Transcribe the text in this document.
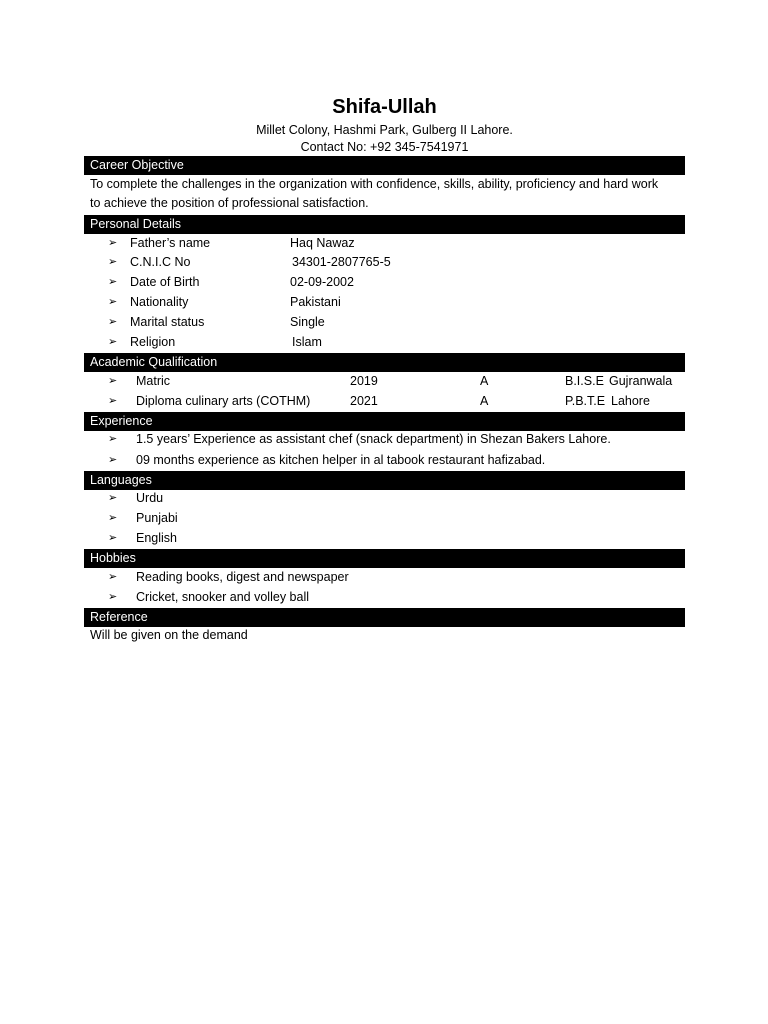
Shifa-Ullah
Millet Colony, Hashmi Park, Gulberg II Lahore.
Contact No: +92 345-7541971
Career Objective
To complete the challenges in the organization with confidence, skills, ability, proficiency and hard work
to achieve the position of professional satisfaction.
Personal Details
➢ Father’s name	Haq Nawaz
➢ C.N.I.C No	34301-2807765-5
➢ Date of Birth	02-09-2002
➢ Nationality	Pakistani
➢ Marital status	Single
➢ Religion	Islam
Academic Qualification
➢ Matric	2019	A	B.I.S.E Gujranwala
➢ Diploma culinary arts (COTHM)	2021	A	P.B.T.E Lahore
Experience
➢ 1.5 years’ Experience as assistant chef (snack department) in Shezan Bakers Lahore.
➢ 09 months experience as kitchen helper in al tabook restaurant hafizabad.
Languages
➢ Urdu
➢ Punjabi
➢ English
Hobbies
➢ Reading books, digest and newspaper
➢ Cricket, snooker and volley ball
Reference
Will be given on the demand
